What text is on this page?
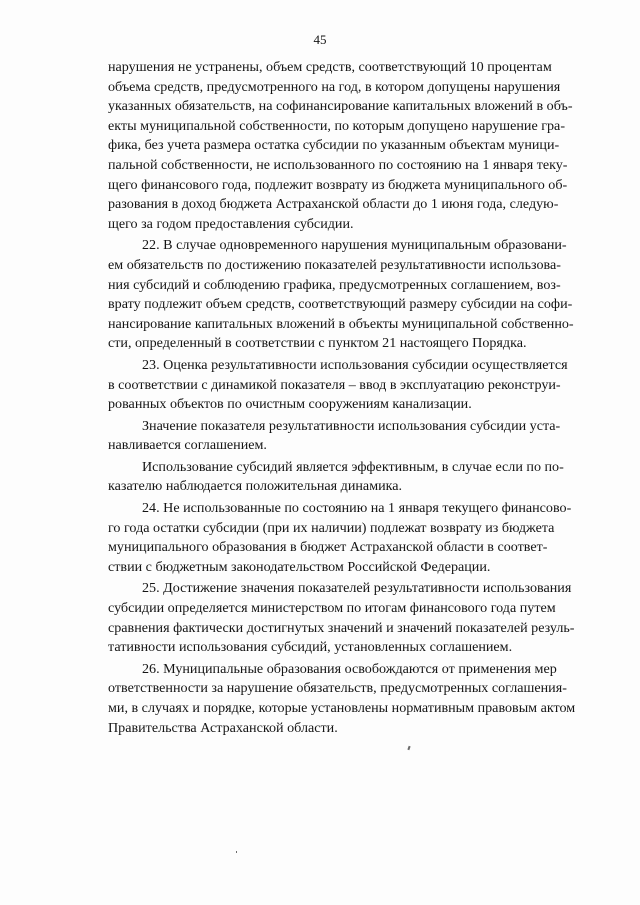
45
нарушения не устранены, объем средств, соответствующий 10 процентам
объема средств, предусмотренного на год, в котором допущены нарушения
указанных обязательств, на софинансирование капитальных вложений в объ-
екты муниципальной собственности, по которым допущено нарушение гра-
фика, без учета размера остатка субсидии по указанным объектам муници-
пальной собственности, не использованного по состоянию на 1 января теку-
щего финансового года, подлежит возврату из бюджета муниципального об-
разования в доход бюджета Астраханской области до 1 июня года, следую-
щего за годом предоставления субсидии.
22. В случае одновременного нарушения муниципальным образовани-
ем обязательств по достижению показателей результативности использова-
ния субсидий и соблюдению графика, предусмотренных соглашением, воз-
врату подлежит объем средств, соответствующий размеру субсидии на софи-
нансирование капитальных вложений в объекты муниципальной собственно-
сти, определенный в соответствии с пунктом 21 настоящего Порядка.
23. Оценка результативности использования субсидии осуществляется
в соответствии с динамикой показателя – ввод в эксплуатацию реконструи-
рованных объектов по очистным сооружениям канализации.
Значение показателя результативности использования субсидии уста-
навливается соглашением.
Использование субсидий является эффективным, в случае если по по-
казателю наблюдается положительная динамика.
24. Не использованные по состоянию на 1 января текущего финансово-
го года остатки субсидии (при их наличии) подлежат возврату из бюджета
муниципального образования в бюджет Астраханской области в соответ-
ствии с бюджетным законодательством Российской Федерации.
25. Достижение значения показателей результативности использования
субсидии определяется министерством по итогам финансового года путем
сравнения фактически достигнутых значений и значений показателей резуль-
тативности использования субсидий, установленных соглашением.
26. Муниципальные образования освобождаются от применения мер
ответственности за нарушение обязательств, предусмотренных соглашения-
ми, в случаях и порядке, которые установлены нормативным правовым актом
Правительства Астраханской области.
